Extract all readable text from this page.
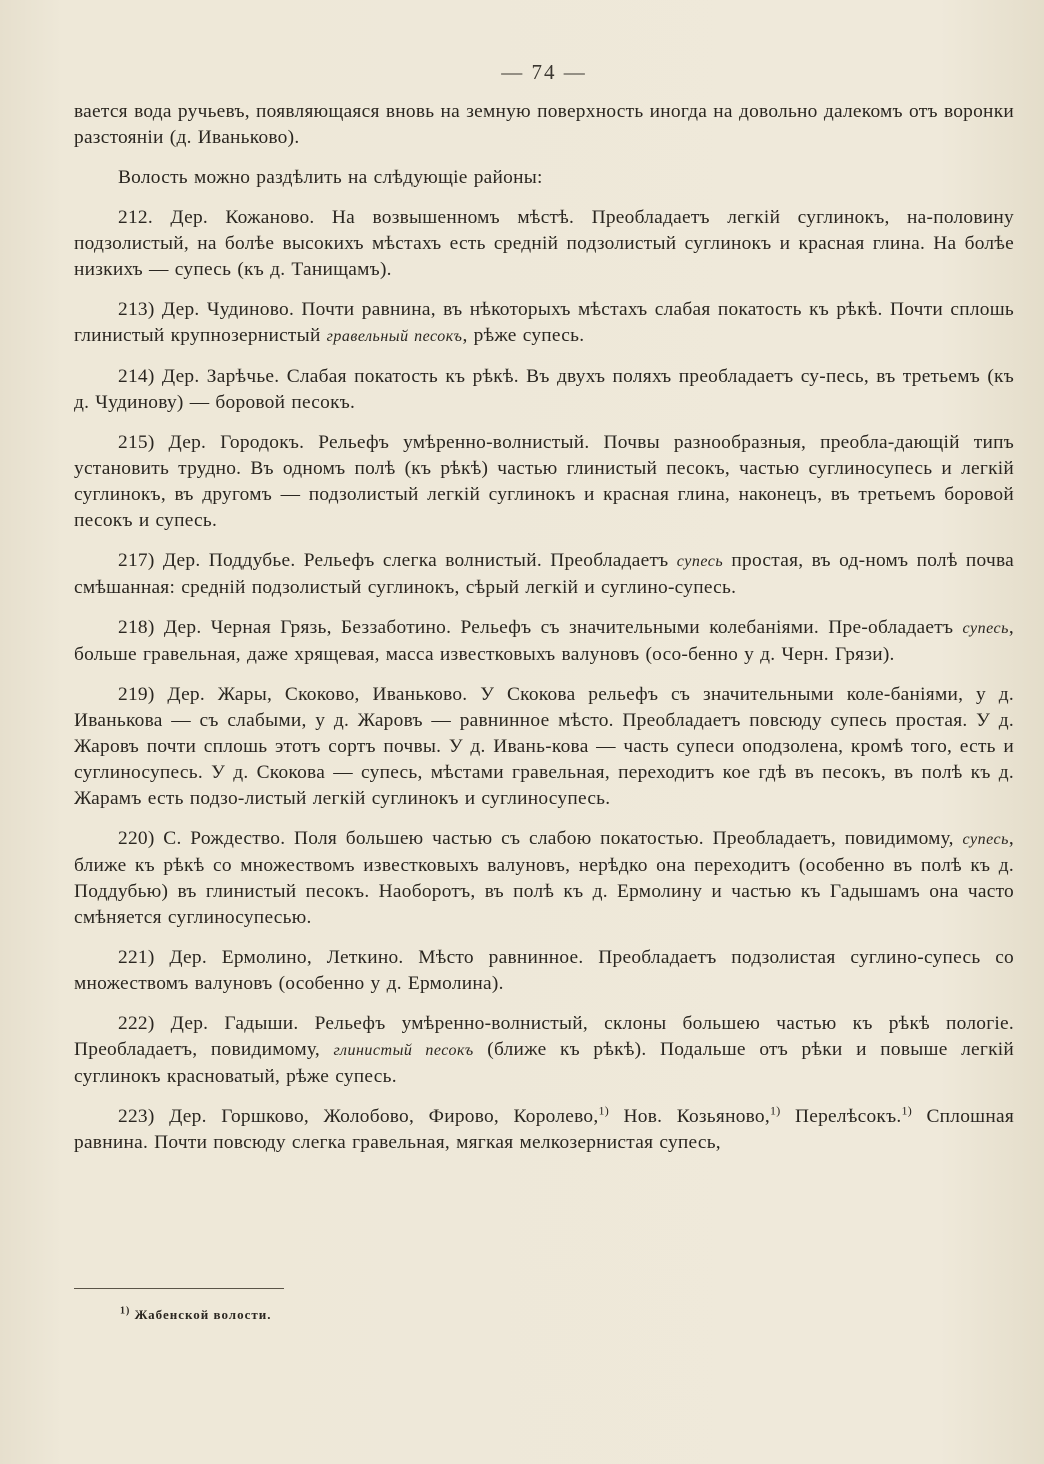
— 74 —

вается вода ручьевъ, появляющаяся вновь на земную поверхность иногда на довольно далекомъ отъ воронки разстояніи (д. Иваньково).

Волость можно раздѣлить на слѣдующіе районы:

212. Дер. Кожаново. На возвышенномъ мѣстѣ. Преобладаетъ легкій суглинокъ, на-половину подзолистый, на болѣе высокихъ мѣстахъ есть средній подзолистый суглинокъ и красная глина. На болѣе низкихъ — супесь (къ д. Танищамъ).

213) Дер. Чудиново. Почти равнина, въ нѣкоторыхъ мѣстахъ слабая покатость къ рѣкѣ. Почти сплошь глинистый крупнозернистый гравельный песокъ, рѣже супесь.

214) Дер. Зарѣчье. Слабая покатость къ рѣкѣ. Въ двухъ поляхъ преобладаетъ су-песь, въ третьемъ (къ д. Чудинову) — боровой песокъ.

215) Дер. Городокъ. Рельефъ умѣренно-волнистый. Почвы разнообразныя, преобла-дающій типъ установить трудно. Въ одномъ полѣ (къ рѣкѣ) частью глинистый песокъ, частью суглиносупесь и легкій суглинокъ, въ другомъ — подзолистый легкій суглинокъ и красная глина, наконецъ, въ третьемъ боровой песокъ и супесь.

217) Дер. Поддубье. Рельефъ слегка волнистый. Преобладаетъ супесь простая, въ од-номъ полѣ почва смѣшанная: средній подзолистый суглинокъ, сѣрый легкій и суглино-супесь.

218) Дер. Черная Грязь, Беззаботино. Рельефъ съ значительными колебаніями. Пре-обладаетъ супесь, больше гравельная, даже хрящевая, масса известковыхъ валуновъ (осо-бенно у д. Черн. Грязи).

219) Дер. Жары, Скоково, Иваньково. У Скокова рельефъ съ значительными коле-баніями, у д. Иванькова — съ слабыми, у д. Жаровъ — равнинное мѣсто. Преобладаетъ повсюду супесь простая. У д. Жаровъ почти сплошь этотъ сортъ почвы. У д. Ивань-кова — часть супеси оподзолена, кромѣ того, есть и суглиносупесь. У д. Скокова — супесь, мѣстами гравельная, переходитъ кое гдѣ въ песокъ, въ полѣ къ д. Жарамъ есть подзо-листый легкій суглинокъ и суглиносупесь.

220) С. Рождество. Поля большею частью съ слабою покатостью. Преобладаетъ, повидимому, супесь, ближе къ рѣкѣ со множествомъ известковыхъ валуновъ, нерѣдко она переходитъ (особенно въ полѣ къ д. Поддубью) въ глинистый песокъ. Наоборотъ, въ полѣ къ д. Ермолину и частью къ Гадышамъ она часто смѣняется суглиносупесью.

221) Дер. Ермолино, Леткино. Мѣсто равнинное. Преобладаетъ подзолистая суглино-супесь со множествомъ валуновъ (особенно у д. Ермолина).

222) Дер. Гадыши. Рельефъ умѣренно-волнистый, склоны большею частью къ рѣкѣ пологіе. Преобладаетъ, повидимому, глинистый песокъ (ближе къ рѣкѣ). Подальше отъ рѣки и повыше легкій суглинокъ красноватый, рѣже супесь.

223) Дер. Горшково, Жолобово, Фирово, Королево,$^{1)}$ Нов. Козьяново,$^{1)}$ Перелѣсокъ.$^{1)}$ Сплошная равнина. Почти повсюду слегка гравельная, мягкая мелкозернистая супесь,

$^{1)}$ Жабенской волости.
